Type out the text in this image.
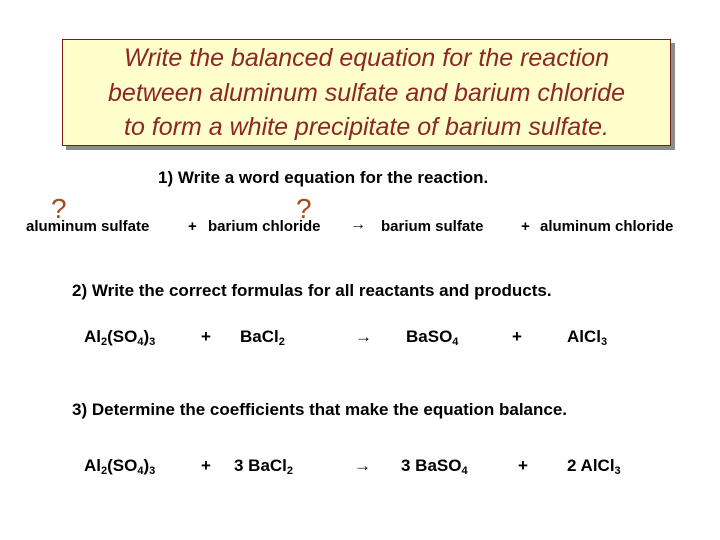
Write the balanced equation for the reaction
between aluminum sulfate and barium chloride
to form a white precipitate of barium sulfate.
1) Write a word equation for the reaction.
?	?
aluminum sulfate	+ barium chloride → barium sulfate + aluminum chloride
2) Write the correct formulas for all reactants and products.
$Al_2(SO_4)_3$	+ BaCl$_2$	→ BaSO$_4$	+	AlCl$_3$
3) Determine the coefficients that make the equation balance.
$Al_2(SO_4)_3$	+ 3 BaCl$_2$	→ 3 BaSO$_4$	+ 2 AlCl$_3$
